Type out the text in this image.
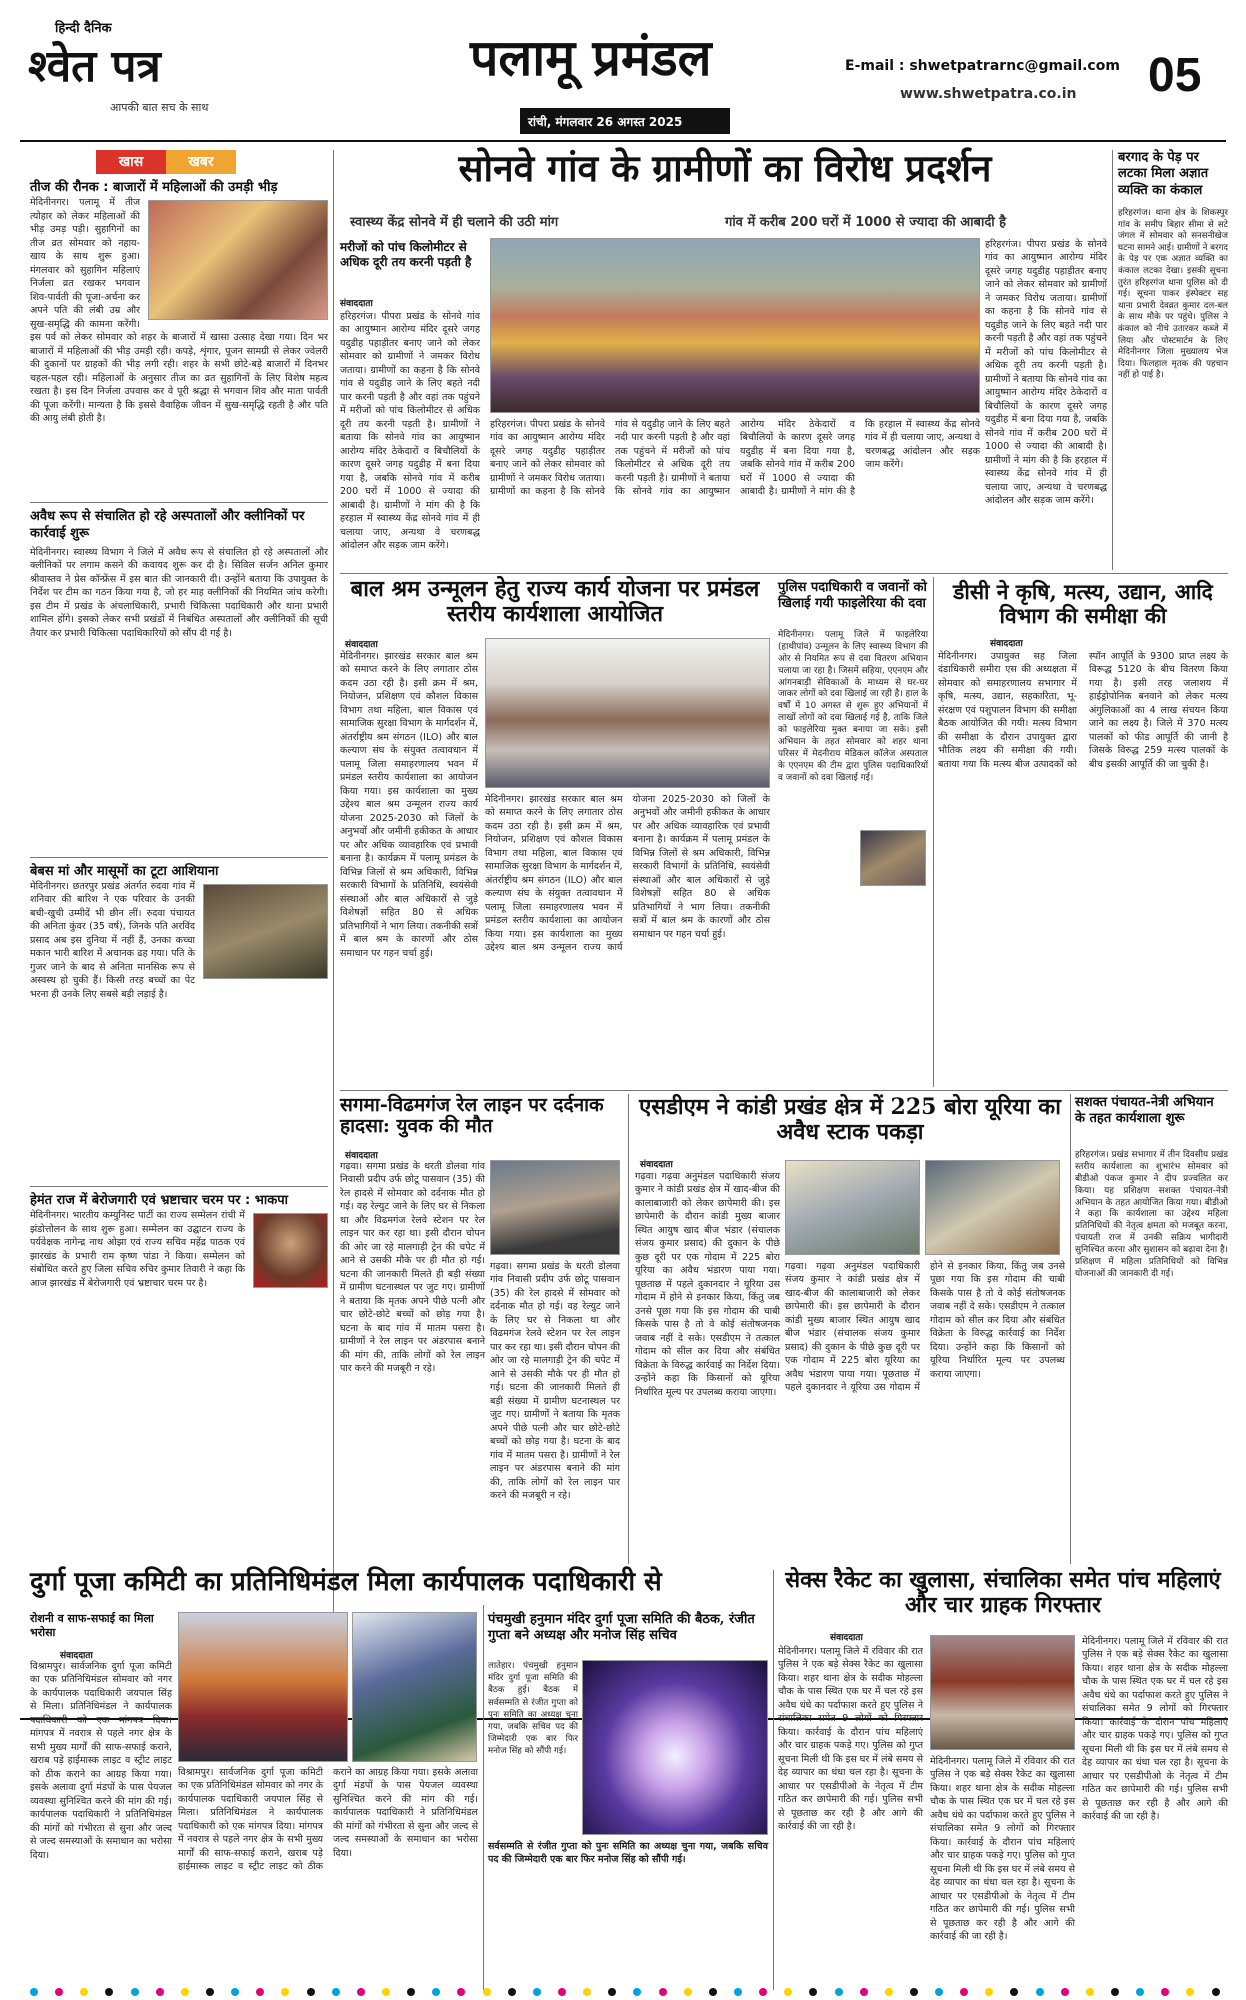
हिन्दी दैनिक
श्वेत पत्र
आपकी बात सच के साथ
पलामू प्रमंडल
रांची, मंगलवार 26 अगस्त 2025
E-mail : shwetpatrarnc@gmail.com
www.shwetpatra.co.in 05
खास	खबर
तीज की रौनक : बाजारों में महिलाओं की उमड़ी भीड़
मेदिनीनगर। पलामू में तीज त्योहार को लेकर महिलाओं की भीड़ उमड़ पड़ी। सुहागिनों का तीज व्रत सोमवार को नहाय-खाय के साथ शुरू हुआ। मंगलवार को सुहागिन महिलाएं निर्जला व्रत रखकर भगवान शिव-पार्वती की पूजा-अर्चना कर अपने पति की लंबी उम्र और सुख-समृद्धि की कामना करेंगी। इस पर्व को लेकर सोमवार को शहर के बाजारों में खासा उत्साह देखा गया। दिन भर बाजारों में महिलाओं की भीड़ उमड़ी रही। कपड़े, शृंगार, पूजन सामग्री से लेकर ज्वेलरी की दुकानों पर ग्राहकों की भीड़ लगी रही। शहर के सभी छोटे-बड़े बाजारों में दिनभर चहल-पहल रही। महिलाओं के अनुसार तीज का व्रत सुहागिनों के लिए विशेष महत्व रखता है। इस दिन निर्जला उपवास कर वे पूरी श्रद्धा से भगवान शिव और माता पार्वती की पूजा करेंगी। मान्यता है कि इससे वैवाहिक जीवन में सुख-समृद्धि रहती है और पति की आयु लंबी होती है।
अवैध रूप से संचालित हो रहे अस्पतालों और क्लीनिकों पर कार्रवाई शुरू
मेदिनीनगर। स्वास्थ्य विभाग ने जिले में अवैध रूप से संचालित हो रहे अस्पतालों और क्लीनिकों पर लगाम कसने की कवायद शुरू कर दी है। सिविल सर्जन अनिल कुमार श्रीवास्तव ने प्रेस कॉन्फ्रेंस में इस बात की जानकारी दी। उन्होंने बताया कि उपायुक्त के निर्देश पर टीम का गठन किया गया है, जो हर माह क्लीनिकों की नियमित जांच करेगी। इस टीम में प्रखंड के अंचलाधिकारी, प्रभारी चिकित्सा पदाधिकारी और थाना प्रभारी शामिल होंगे। इसको लेकर सभी प्रखंडों में निबंधित अस्पतालों और क्लीनिकों की सूची तैयार कर प्रभारी चिकित्सा पदाधिकारियों को सौंप दी गई है।
बेबस मां और मासूमों का टूटा आशियाना
मेदिनीनगर। छतरपुर प्रखंड अंतर्गत रुदवा गांव में शनिवार की बारिश ने एक परिवार के उनकी बची-खुची उम्मीदें भी छीन लीं। रुदवा पंचायत की अनिता कुंवर (35 वर्ष), जिनके पति अरविंद प्रसाद अब इस दुनिया में नहीं हैं, उनका कच्चा मकान भारी बारिश में अचानक ढह गया। पति के गुजर जाने के बाद से अनिता मानसिक रूप से अस्वस्थ हो चुकी हैं। किसी तरह बच्चों का पेट भरना ही उनके लिए सबसे बड़ी लड़ाई है।
हेमंत राज में बेरोजगारी एवं भ्रष्टाचार चरम पर : भाकपा
मेदिनीनगर। भारतीय कम्युनिस्ट पार्टी का राज्य सम्मेलन रांची में झंडोत्तोलन के साथ शुरू हुआ। सम्मेलन का उद्घाटन राज्य के पर्यवेक्षक नागेन्द्र नाथ ओझा एवं राज्य सचिव महेंद्र पाठक एवं झारखंड के प्रभारी राम कृष्ण पांडा ने किया। सम्मेलन को संबोधित करते हुए जिला सचिव रुचिर कुमार तिवारी ने कहा कि आज झारखंड में बेरोजगारी एवं भ्रष्टाचार चरम पर है।
सोनवे गांव के ग्रामीणों का विरोध प्रदर्शन
स्वास्थ्य केंद्र सोनवे में ही चलाने की उठी मांग	गांव में करीब 200 घरों में 1000 से ज्यादा की आबादी है
मरीजों को पांच किलोमीटर से अधिक दूरी तय करनी पड़ती है
संवाददाता
हरिहरगंज। पीपरा प्रखंड के सोनवे गांव का आयुष्मान आरोग्य मंदिर दूसरे जगह यदुडीह पहाड़ीतर बनाए जाने को लेकर सोमवार को ग्रामीणों ने जमकर विरोध जताया। ग्रामीणों का कहना है कि सोनवे गांव से यदुडीह जाने के लिए बहते नदी पार करनी पड़ती है और वहां तक पहुंचने में मरीजों को पांच किलोमीटर से अधिक दूरी तय करनी पड़ती है। ग्रामीणों ने बताया कि सोनवे गांव का आयुष्मान आरोग्य मंदिर ठेकेदारों व बिचौलियों के कारण दूसरे जगह यदुडीह में बना दिया गया है, जबकि सोनवे गांव में करीब 200 घरों में 1000 से ज्यादा की आबादी है। ग्रामीणों ने मांग की है कि हरहाल में स्वास्थ्य केंद्र सोनवे गांव में ही चलाया जाए, अन्यथा वे चरणबद्ध आंदोलन और सड़क जाम करेंगे।
हरिहरगंज। पीपरा प्रखंड के सोनवे गांव का आयुष्मान आरोग्य मंदिर दूसरे जगह यदुडीह पहाड़ीतर बनाए जाने को लेकर सोमवार को ग्रामीणों ने जमकर विरोध जताया। ग्रामीणों का कहना है कि सोनवे गांव से यदुडीह जाने के लिए बहते नदी पार करनी पड़ती है और वहां तक पहुंचने में मरीजों को पांच किलोमीटर से अधिक दूरी तय करनी पड़ती है। ग्रामीणों ने बताया कि सोनवे गांव का आयुष्मान आरोग्य मंदिर ठेकेदारों व बिचौलियों के कारण दूसरे जगह यदुडीह में बना दिया गया है, जबकि सोनवे गांव में करीब 200 घरों में 1000 से ज्यादा की आबादी है। ग्रामीणों ने मांग की है कि हरहाल में स्वास्थ्य केंद्र सोनवे गांव में ही चलाया जाए, अन्यथा वे चरणबद्ध आंदोलन और सड़क जाम करेंगे।
हरिहरगंज। पीपरा प्रखंड के सोनवे गांव का आयुष्मान आरोग्य मंदिर दूसरे जगह यदुडीह पहाड़ीतर बनाए जाने को लेकर सोमवार को ग्रामीणों ने जमकर विरोध जताया। ग्रामीणों का कहना है कि सोनवे गांव से यदुडीह जाने के लिए बहते नदी पार करनी पड़ती है और वहां तक पहुंचने में मरीजों को पांच किलोमीटर से अधिक दूरी तय करनी पड़ती है। ग्रामीणों ने बताया कि सोनवे गांव का आयुष्मान आरोग्य मंदिर ठेकेदारों व बिचौलियों के कारण दूसरे जगह यदुडीह में बना दिया गया है, जबकि सोनवे गांव में करीब 200 घरों में 1000 से ज्यादा की आबादी है। ग्रामीणों ने मांग की है कि हरहाल में स्वास्थ्य केंद्र सोनवे गांव में ही चलाया जाए, अन्यथा वे चरणबद्ध आंदोलन और सड़क जाम करेंगे।
बरगाद के पेड़ पर लटका मिला अज्ञात व्यक्ति का कंकाल
हरिहरगंज। थाना क्षेत्र के शिकस्पुर गांव के समीप बिहार सीमा से सटे जंगल में सोमवार को सनसनीखेज घटना सामने आई। ग्रामीणों ने बरगद के पेड़ पर एक अज्ञात व्यक्ति का कंकाल लटका देखा। इसकी सूचना तुरंत हरिहरगंज थाना पुलिस को दी गई। सूचना पाकर इंस्पेक्टर सह थाना प्रभारी देवव्रत कुमार दल-बल के साथ मौके पर पहुंचे। पुलिस ने कंकाल को नीचे उतारकर कब्जे में लिया और पोस्टमार्टम के लिए मेदिनीनगर जिला मुख्यालय भेज दिया। फिलहाल मृतक की पहचान नहीं हो पाई है।
बाल श्रम उन्मूलन हेतु राज्य कार्य योजना पर प्रमंडल स्तरीय कार्यशाला आयोजित
संवाददाता
मेदिनीनगर। झारखंड सरकार बाल श्रम को समाप्त करने के लिए लगातार ठोस कदम उठा रही है। इसी क्रम में श्रम, नियोजन, प्रशिक्षण एवं कौशल विकास विभाग तथा महिला, बाल विकास एवं सामाजिक सुरक्षा विभाग के मार्गदर्शन में, अंतर्राष्ट्रीय श्रम संगठन (ILO) और बाल कल्याण संघ के संयुक्त तत्वावधान में पलामू जिला समाहरणालय भवन में प्रमंडल स्तरीय कार्यशाला का आयोजन किया गया। इस कार्यशाला का मुख्य उद्देश्य बाल श्रम उन्मूलन राज्य कार्य योजना 2025-2030 को जिलों के अनुभवों और जमीनी हकीकत के आधार पर और अधिक व्यावहारिक एवं प्रभावी बनाना है। कार्यक्रम में पलामू प्रमंडल के विभिन्न जिलों से श्रम अधिकारी, विभिन्न सरकारी विभागों के प्रतिनिधि, स्वयंसेवी संस्थाओं और बाल अधिकारों से जुड़े विशेषज्ञों सहित 80 से अधिक प्रतिभागियों ने भाग लिया। तकनीकी सत्रों में बाल श्रम के कारणों और ठोस समाधान पर गहन चर्चा हुई।
मेदिनीनगर। झारखंड सरकार बाल श्रम को समाप्त करने के लिए लगातार ठोस कदम उठा रही है। इसी क्रम में श्रम, नियोजन, प्रशिक्षण एवं कौशल विकास विभाग तथा महिला, बाल विकास एवं सामाजिक सुरक्षा विभाग के मार्गदर्शन में, अंतर्राष्ट्रीय श्रम संगठन (ILO) और बाल कल्याण संघ के संयुक्त तत्वावधान में पलामू जिला समाहरणालय भवन में प्रमंडल स्तरीय कार्यशाला का आयोजन किया गया। इस कार्यशाला का मुख्य उद्देश्य बाल श्रम उन्मूलन राज्य कार्य योजना 2025-2030 को जिलों के अनुभवों और जमीनी हकीकत के आधार पर और अधिक व्यावहारिक एवं प्रभावी बनाना है। कार्यक्रम में पलामू प्रमंडल के विभिन्न जिलों से श्रम अधिकारी, विभिन्न सरकारी विभागों के प्रतिनिधि, स्वयंसेवी संस्थाओं और बाल अधिकारों से जुड़े विशेषज्ञों सहित 80 से अधिक प्रतिभागियों ने भाग लिया। तकनीकी सत्रों में बाल श्रम के कारणों और ठोस समाधान पर गहन चर्चा हुई।
पुलिस पदाधिकारी व जवानों को खिलाई गयी फाइलेरिया की दवा
मेदिनीनगर। पलामू जिले में फाइलेरिया (हाथीपांव) उन्मूलन के लिए स्वास्थ्य विभाग की ओर से नियमित रूप से दवा वितरण अभियान चलाया जा रहा है। जिसमें सहिया, एएनएम और आंगनबाड़ी सेविकाओं के माध्यम से घर-घर जाकर लोगों को दवा खिलाई जा रही है। हाल के वर्षों में 10 अगस्त से शुरू हुए अभियानों में लाखों लोगों को दवा खिलाई गई है, ताकि जिले को फाइलेरिया मुक्त बनाया जा सके। इसी अभियान के तहत सोमवार को शहर थाना परिसर में मेदनीराय मेडिकल कॉलेज अस्पताल के एएनएम की टीम द्वारा पुलिस पदाधिकारियों व जवानों को दवा खिलाई गई।
डीसी ने कृषि, मत्स्य, उद्यान, आदि विभाग की समीक्षा की
संवाददाता
मेदिनीनगर। उपायुक्त सह जिला दंडाधिकारी समीरा एस की अध्यक्षता में सोमवार को समाहरणालय सभागार में कृषि, मत्स्य, उद्यान, सहकारिता, भू-संरक्षण एवं पशुपालन विभाग की समीक्षा बैठक आयोजित की गयी। मत्स्य विभाग की समीक्षा के दौरान उपायुक्त द्वारा भौतिक लक्ष्य की समीक्षा की गयी। बताया गया कि मत्स्य बीज उत्पादकों को स्पॉन आपूर्ति के 9300 प्राप्त लक्ष्य के विरूद्ध 5120 के बीच वितरण किया गया है। इसी तरह जलाशय में हाईड्रोपोनिक बनवाने को लेकर मत्स्य अंगुलिकाओं का 4 लाख संचयन किया जाने का लक्ष्य है। जिले में 370 मत्स्य पालकों को फीड आपूर्ति की जानी है जिसके विरुद्ध 259 मत्स्य पालकों के बीच इसकी आपूर्ति की जा चुकी है।
सगमा-विढमगंज रेल लाइन पर दर्दनाक हादसा: युवक की मौत
संवाददाता
गढ़वा। सगमा प्रखंड के धरती डोलवा गांव निवासी प्रदीप उर्फ छोटू पासवान (35) की रेल हादसे में सोमवार को दर्दनाक मौत हो गई। वह रेल्युट जाने के लिए घर से निकला था और विढमगंज रेलवे स्टेशन पर रेल लाइन पार कर रहा था। इसी दौरान चोपन की ओर जा रहे मालगाड़ी ट्रेन की चपेट में आने से उसकी मौके पर ही मौत हो गई। घटना की जानकारी मिलते ही बड़ी संख्या में ग्रामीण घटनास्थल पर जुट गए। ग्रामीणों ने बताया कि मृतक अपने पीछे पत्नी और चार छोटे-छोटे बच्चों को छोड़ गया है। घटना के बाद गांव में मातम पसरा है। ग्रामीणों ने रेल लाइन पर अंडरपास बनाने की मांग की, ताकि लोगों को रेल लाइन पार करने की मजबूरी न रहे।
गढ़वा। सगमा प्रखंड के धरती डोलवा गांव निवासी प्रदीप उर्फ छोटू पासवान (35) की रेल हादसे में सोमवार को दर्दनाक मौत हो गई। वह रेल्युट जाने के लिए घर से निकला था और विढमगंज रेलवे स्टेशन पर रेल लाइन पार कर रहा था। इसी दौरान चोपन की ओर जा रहे मालगाड़ी ट्रेन की चपेट में आने से उसकी मौके पर ही मौत हो गई। घटना की जानकारी मिलते ही बड़ी संख्या में ग्रामीण घटनास्थल पर जुट गए। ग्रामीणों ने बताया कि मृतक अपने पीछे पत्नी और चार छोटे-छोटे बच्चों को छोड़ गया है। घटना के बाद गांव में मातम पसरा है। ग्रामीणों ने रेल लाइन पर अंडरपास बनाने की मांग की, ताकि लोगों को रेल लाइन पार करने की मजबूरी न रहे।
एसडीएम ने कांडी प्रखंड क्षेत्र में 225 बोरा यूरिया का अवैध स्टाक पकड़ा
संवाददाता
गढ़वा। गढ़वा अनुमंडल पदाधिकारी संजय कुमार ने कांडी प्रखंड क्षेत्र में खाद-बीज की कालाबाजारी को लेकर छापेमारी की। इस छापेमारी के दौरान कांडी मुख्य बाजार स्थित आयुष खाद बीज भंडार (संचालक संजय कुमार प्रसाद) की दुकान के पीछे कुछ दूरी पर एक गोदाम में 225 बोरा यूरिया का अवैध भंडारण पाया गया। पूछताछ में पहले दुकानदार ने यूरिया उस गोदाम में होने से इनकार किया, किंतु जब उनसे पूछा गया कि इस गोदाम की चाबी किसके पास है तो वे कोई संतोषजनक जवाब नहीं दे सके। एसडीएम ने तत्काल गोदाम को सील कर दिया और संबंधित विक्रेता के विरुद्ध कार्रवाई का निर्देश दिया। उन्होंने कहा कि किसानों को यूरिया निर्धारित मूल्य पर उपलब्ध कराया जाएगा।
गढ़वा। गढ़वा अनुमंडल पदाधिकारी संजय कुमार ने कांडी प्रखंड क्षेत्र में खाद-बीज की कालाबाजारी को लेकर छापेमारी की। इस छापेमारी के दौरान कांडी मुख्य बाजार स्थित आयुष खाद बीज भंडार (संचालक संजय कुमार प्रसाद) की दुकान के पीछे कुछ दूरी पर एक गोदाम में 225 बोरा यूरिया का अवैध भंडारण पाया गया। पूछताछ में पहले दुकानदार ने यूरिया उस गोदाम में होने से इनकार किया, किंतु जब उनसे पूछा गया कि इस गोदाम की चाबी किसके पास है तो वे कोई संतोषजनक जवाब नहीं दे सके। एसडीएम ने तत्काल गोदाम को सील कर दिया और संबंधित विक्रेता के विरुद्ध कार्रवाई का निर्देश दिया। उन्होंने कहा कि किसानों को यूरिया निर्धारित मूल्य पर उपलब्ध कराया जाएगा।
सशक्त पंचायत-नेत्री अभियान के तहत कार्यशाला शुरू
हरिहरगंज। प्रखंड सभागार में तीन दिवसीय प्रखंड स्तरीय कार्यशाला का शुभारंभ सोमवार को बीडीओ पंकज कुमार ने दीप प्रज्वलित कर किया। यह प्रशिक्षण सशक्त पंचायत-नेत्री अभियान के तहत आयोजित किया गया। बीडीओ ने कहा कि कार्यशाला का उद्देश्य महिला प्रतिनिधियों की नेतृत्व क्षमता को मजबूत करना, पंचायती राज में उनकी सक्रिय भागीदारी सुनिश्चित करना और सुशासन को बढ़ावा देना है। प्रशिक्षण में महिला प्रतिनिधियों को विभिन्न योजनाओं की जानकारी दी गई।
दुर्गा पूजा कमिटी का प्रतिनिधिमंडल मिला कार्यपालक पदाधिकारी से
रोशनी व साफ-सफाई का मिला भरोसा
संवाददाता
विश्रामपुर। सार्वजनिक दुर्गा पूजा कमिटी का एक प्रतिनिधिमंडल सोमवार को नगर के कार्यपालक पदाधिकारी जयपाल सिंह से मिला। प्रतिनिधिमंडल ने कार्यपालक पदाधिकारी को एक मांगपत्र दिया। मांगपत्र में नवरात्र से पहले नगर क्षेत्र के सभी मुख्य मार्गों की साफ-सफाई कराने, खराब पड़े हाईमास्क लाइट व स्ट्रीट लाइट को ठीक कराने का आग्रह किया गया। इसके अलावा दुर्गा मंडपों के पास पेयजल व्यवस्था सुनिश्चित करने की मांग की गई। कार्यपालक पदाधिकारी ने प्रतिनिधिमंडल की मांगों को गंभीरता से सुना और जल्द से जल्द समस्याओं के समाधान का भरोसा दिया।
विश्रामपुर। सार्वजनिक दुर्गा पूजा कमिटी का एक प्रतिनिधिमंडल सोमवार को नगर के कार्यपालक पदाधिकारी जयपाल सिंह से मिला। प्रतिनिधिमंडल ने कार्यपालक पदाधिकारी को एक मांगपत्र दिया। मांगपत्र में नवरात्र से पहले नगर क्षेत्र के सभी मुख्य मार्गों की साफ-सफाई कराने, खराब पड़े हाईमास्क लाइट व स्ट्रीट लाइट को ठीक कराने का आग्रह किया गया। इसके अलावा दुर्गा मंडपों के पास पेयजल व्यवस्था सुनिश्चित करने की मांग की गई। कार्यपालक पदाधिकारी ने प्रतिनिधिमंडल की मांगों को गंभीरता से सुना और जल्द से जल्द समस्याओं के समाधान का भरोसा दिया।
पंचमुखी हनुमान मंदिर दुर्गा पूजा समिति की बैठक, रंजीत गुप्ता बने अध्यक्ष और मनोज सिंह सचिव
लातेहार। पंचमुखी हनुमान मंदिर दुर्गा पूजा समिति की बैठक हुई। बैठक में सर्वसम्मति से रंजीत गुप्ता को पुनः समिति का अध्यक्ष चुना गया, जबकि सचिव पद की जिम्मेदारी एक बार फिर मनोज सिंह को सौंपी गई।
सर्वसम्मति से रंजीत गुप्ता को पुनः समिति का अध्यक्ष चुना गया, जबकि सचिव पद की जिम्मेदारी एक बार फिर मनोज सिंह को सौंपी गई।
सेक्स रैकेट का खुलासा, संचालिका समेत पांच महिलाएं और चार ग्राहक गिरफ्तार
संवाददाता
मेदिनीनगर। पलामू जिले में रविवार की रात पुलिस ने एक बड़े सेक्स रैकेट का खुलासा किया। शहर थाना क्षेत्र के सदीक मोहल्ला चौक के पास स्थित एक घर में चल रहे इस अवैध धंधे का पर्दाफाश करते हुए पुलिस ने संचालिका समेत 9 लोगों को गिरफ्तार किया। कार्रवाई के दौरान पांच महिलाएं और चार ग्राहक पकड़े गए। पुलिस को गुप्त सूचना मिली थी कि इस घर में लंबे समय से देह व्यापार का धंधा चल रहा है। सूचना के आधार पर एसडीपीओ के नेतृत्व में टीम गठित कर छापेमारी की गई। पुलिस सभी से पूछताछ कर रही है और आगे की कार्रवाई की जा रही है।
मेदिनीनगर। पलामू जिले में रविवार की रात पुलिस ने एक बड़े सेक्स रैकेट का खुलासा किया। शहर थाना क्षेत्र के सदीक मोहल्ला चौक के पास स्थित एक घर में चल रहे इस अवैध धंधे का पर्दाफाश करते हुए पुलिस ने संचालिका समेत 9 लोगों को गिरफ्तार किया। कार्रवाई के दौरान पांच महिलाएं और चार ग्राहक पकड़े गए। पुलिस को गुप्त सूचना मिली थी कि इस घर में लंबे समय से देह व्यापार का धंधा चल रहा है। सूचना के आधार पर एसडीपीओ के नेतृत्व में टीम गठित कर छापेमारी की गई। पुलिस सभी से पूछताछ कर रही है और आगे की कार्रवाई की जा रही है।
मेदिनीनगर। पलामू जिले में रविवार की रात पुलिस ने एक बड़े सेक्स रैकेट का खुलासा किया। शहर थाना क्षेत्र के सदीक मोहल्ला चौक के पास स्थित एक घर में चल रहे इस अवैध धंधे का पर्दाफाश करते हुए पुलिस ने संचालिका समेत 9 लोगों को गिरफ्तार किया। कार्रवाई के दौरान पांच महिलाएं और चार ग्राहक पकड़े गए। पुलिस को गुप्त सूचना मिली थी कि इस घर में लंबे समय से देह व्यापार का धंधा चल रहा है। सूचना के आधार पर एसडीपीओ के नेतृत्व में टीम गठित कर छापेमारी की गई। पुलिस सभी से पूछताछ कर रही है और आगे की कार्रवाई की जा रही है।
